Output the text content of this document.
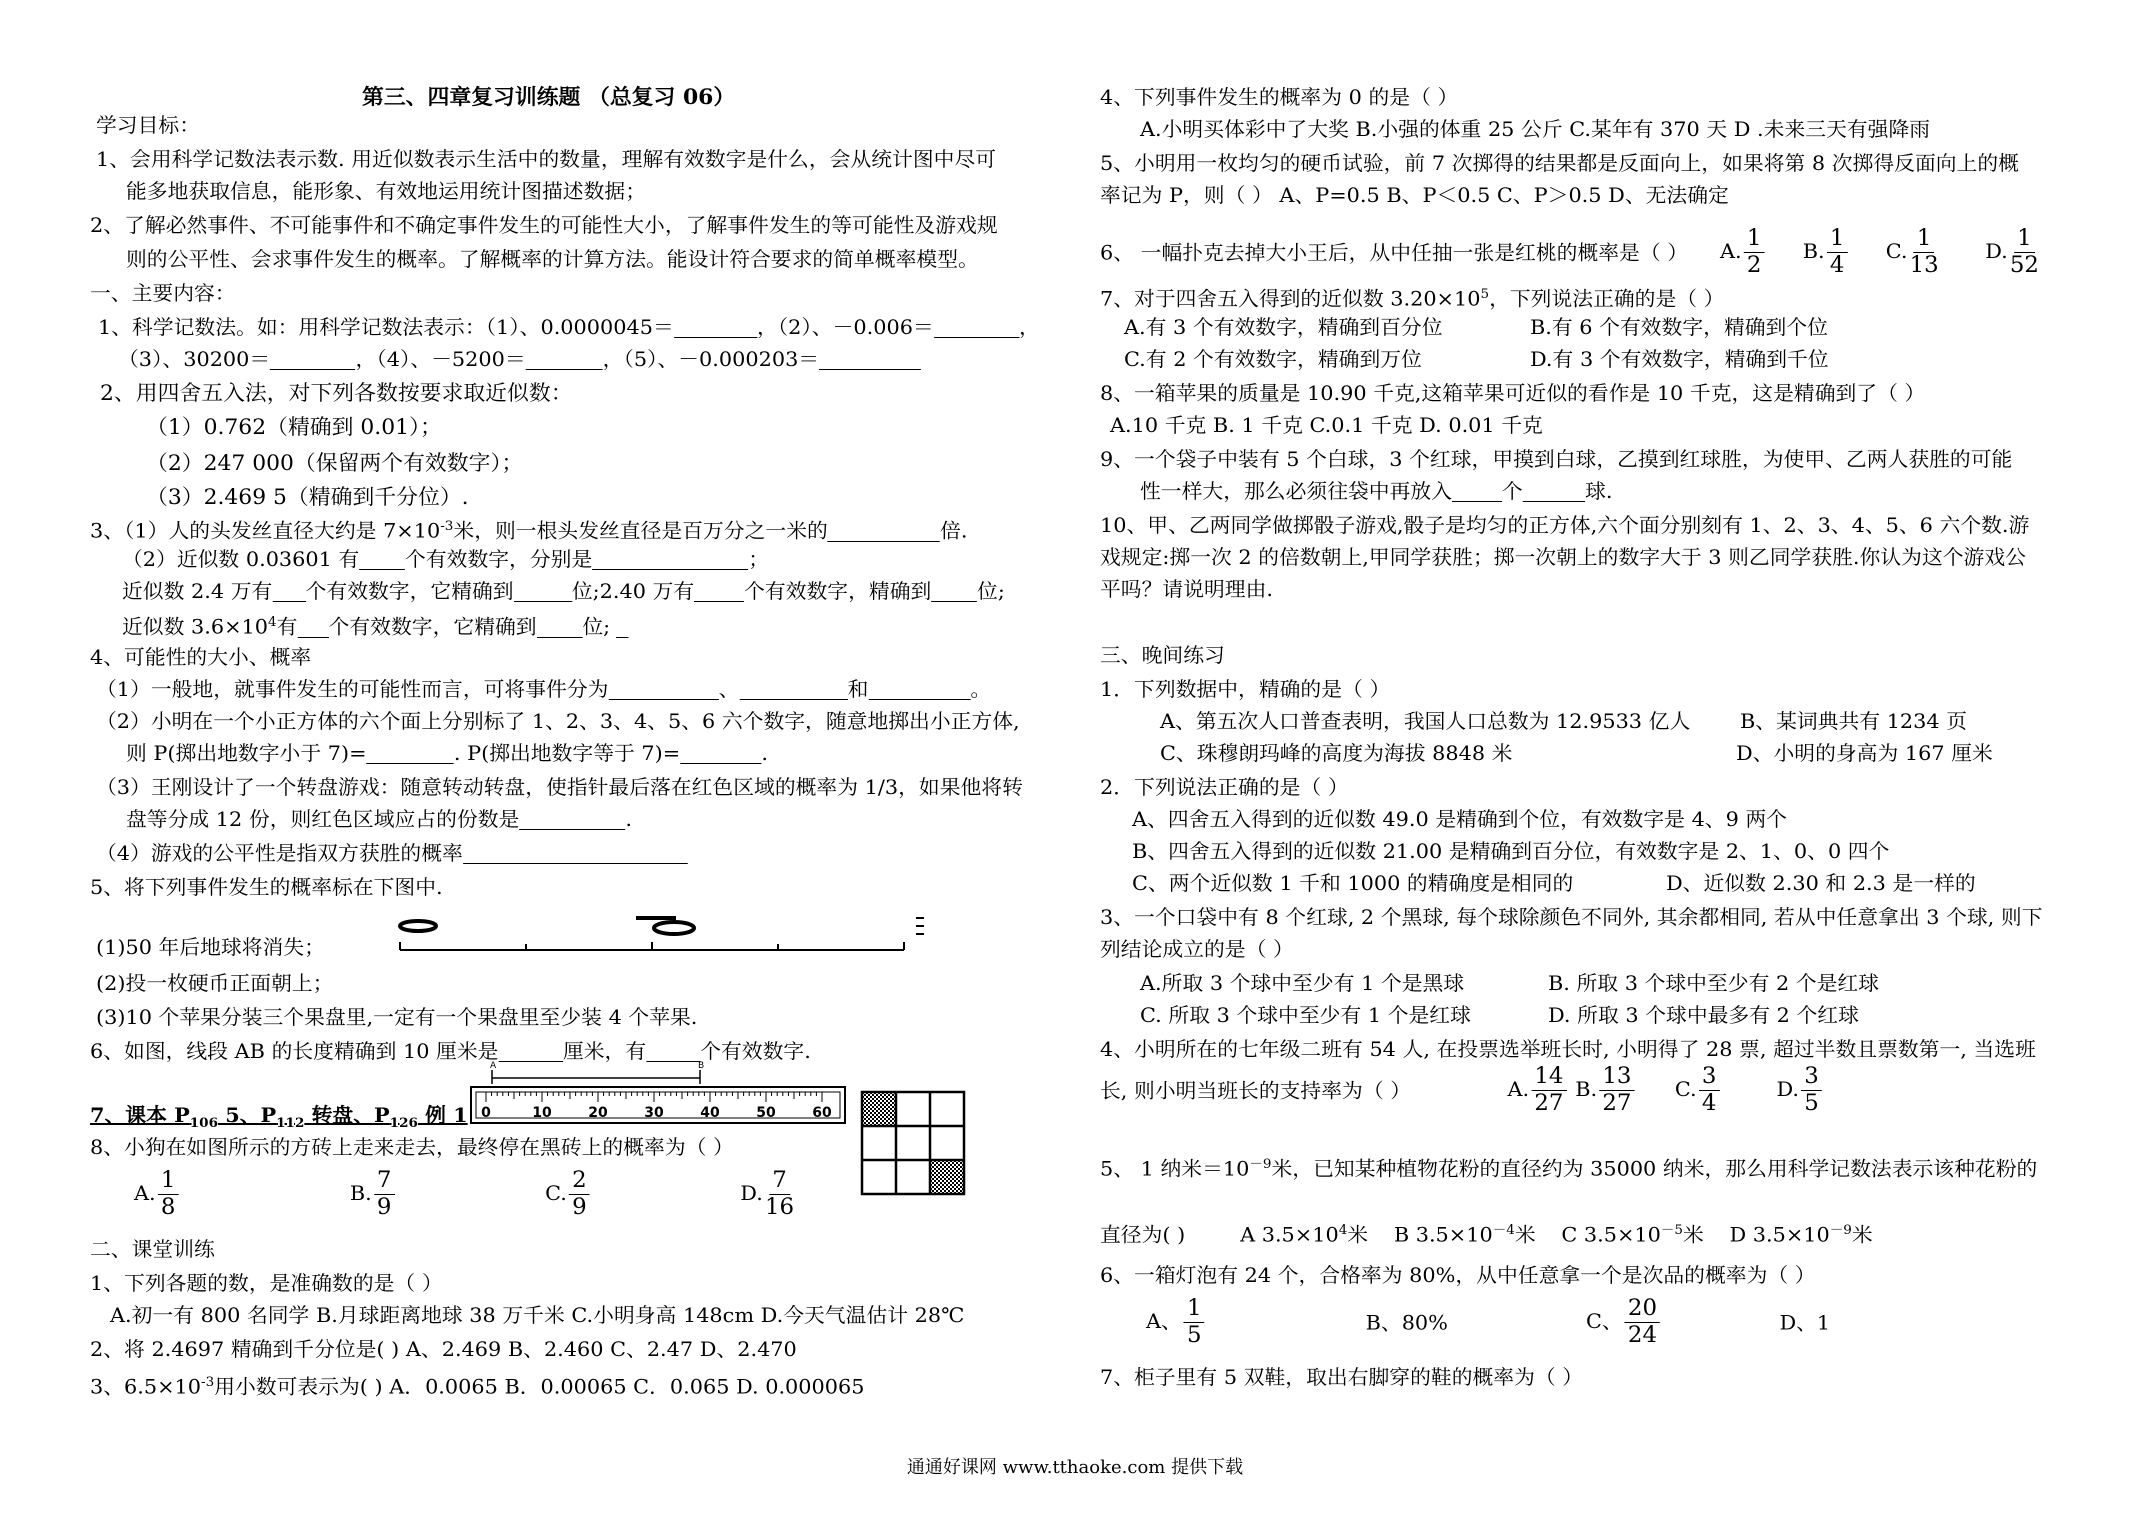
第三、四章复习训练题 （总复习 06）
学习目标：
1、会用科学记数法表示数. 用近似数表示生活中的数量，理解有效数字是什么，会从统计图中尽可
能多地获取信息，能形象、有效地运用统计图描述数据；
2、了解必然事件、不可能事件和不确定事件发生的可能性大小，了解事件发生的等可能性及游戏规
则的公平性、会求事件发生的概率。了解概率的计算方法。能设计符合要求的简单概率模型。
一、主要内容：
1、科学记数法。如：用科学记数法表示：（1）、0.0000045＝	，（2）、－0.006＝	，
（3）、30200＝	，（4）、－5200＝	，（5）、－0.000203＝
2、用四舍五入法，对下列各数按要求取近似数：
（1）0.762（精确到 0.01）；
（2）247 000（保留两个有效数字）；
（3）2.469 5（精确到千分位）.
3、（1）人的头发丝直径大约是 $7\times 10^{-3}$米，则一根头发丝直径是百万分之一米的	倍.
（2）近似数 0.03601 有 个有效数字，分别是	；
近似数 2.4 万有 个有效数字，它精确到	位;2.40 万有 个有效数字，精确到 位;
近似数 $3.6\times 10^4$有 个有效数字，它精确到 位;
4、可能性的大小、概率
（1）一般地，就事件发生的可能性而言，可将事件分为	、	和	。
（2）小明在一个小正方体的六个面上分别标了 1、2、3、4、5、6 六个数字，随意地掷出小正方体,
则 P(掷出地数字小于 7)=	. P(掷出地数字等于 7)=	.
（3）王刚设计了一个转盘游戏：随意转动转盘，使指针最后落在红色区域的概率为 1/3，如果他将转
盘等分成 12 份，则红色区域应占的份数是	.
（4）游戏的公平性是指双方获胜的概率
5、将下列事件发生的概率标在下图中.
(1)50 年后地球将消失；
(2)投一枚硬币正面朝上；
(3)10 个苹果分装三个果盘里,一定有一个果盘里至少装 4 个苹果.
6、如图，线段 AB 的长度精确到 10 厘米是	厘米，有	个有效数字.
A	B
0	10	20	30	40	50	60
7、课本 $P_{106}$ 5、$P_{112}$ 转盘、$P_{126}$ 例 1
8、小狗在如图所示的方砖上走来走去，最终停在黑砖上的概率为（ ）
A. $\frac{1}{8}$	B. $\frac{7}{9}$	C. $\frac{2}{9}$	D. $\frac{7}{16}$
二、课堂训练
1、下列各题的数，是准确数的是（ ）
A.初一有 800 名同学 B.月球距离地球 38 万千米 C.小明身高 148cm D.今天气温估计 28℃
2、将 2.4697 精确到千分位是( ) A、2.469 B、2.460 C、2.47 D、2.470
3、$6.5\times 10^{-3}$用小数可表示为( ) A．0.0065 B．0.00065 C．0.065 D. 0.000065
4、下列事件发生的概率为 0 的是（ ）
A.小明买体彩中了大奖 B.小强的体重 25 公斤 C.某年有 370 天 D .未来三天有强降雨
5、小明用一枚均匀的硬币试验，前 7 次掷得的结果都是反面向上，如果将第 8 次掷得反面向上的概
率记为 P，则（ ） A、P=0.5 B、P＜0.5 C、P＞0.5 D、无法确定
6、 一幅扑克去掉大小王后，从中任抽一张是红桃的概率是（ ） A. $\frac{1}{2} B$. $\frac{1}{4} C$. $\frac{1}{13} D$. $\frac{1}{52}$
7、对于四舍五入得到的近似数 $3.20\times 10^5$，下列说法正确的是（ ）
A.有 3 个有效数字，精确到百分位	B.有 6 个有效数字，精确到个位
C.有 2 个有效数字，精确到万位	D.有 3 个有效数字，精确到千位
8、一箱苹果的质量是 10.90 千克,这箱苹果可近似的看作是 10 千克，这是精确到了（ ）
A.10 千克 B. 1 千克 C.0.1 千克 D. 0.01 千克
9、一个袋子中装有 5 个白球，3 个红球，甲摸到白球，乙摸到红球胜，为使甲、乙两人获胜的可能
性一样大，那么必须往袋中再放入 个	球.
10、甲、乙两同学做掷骰子游戏,骰子是均匀的正方体,六个面分别刻有 1、2、3、4、5、6 六个数.游
戏规定:掷一次 2 的倍数朝上,甲同学获胜；掷一次朝上的数字大于 3 则乙同学获胜.你认为这个游戏公
平吗？请说明理由.
三、晚间练习
1．下列数据中，精确的是（ ）
A、第五次人口普查表明，我国人口总数为 12.9533 亿人 B、某词典共有 1234 页
C、珠穆朗玛峰的高度为海拔 8848 米	D、小明的身高为 167 厘米
2．下列说法正确的是（ ）
A、四舍五入得到的近似数 49.0 是精确到个位，有效数字是 4、9 两个
B、四舍五入得到的近似数 21.00 是精确到百分位，有效数字是 2、1、0、0 四个
C、两个近似数 1 千和 1000 的精确度是相同的	D、近似数 2.30 和 2.3 是一样的
3、一个口袋中有 8 个红球, 2 个黑球, 每个球除颜色不同外, 其余都相同, 若从中任意拿出 3 个球, 则下
列结论成立的是（ ）
A.所取 3 个球中至少有 1 个是黑球	B. 所取 3 个球中至少有 2 个是红球
C. 所取 3 个球中至少有 1 个是红球	D. 所取 3 个球中最多有 2 个红球
4、小明所在的七年级二班有 54 人, 在投票选举班长时, 小明得了 28 票, 超过半数且票数第一, 当选班
长, 则小明当班长的支持率为（ ）	A. $\frac{14}{27} B$. $\frac{13}{27} C$. $\frac{3}{4}$	D. $\frac{3}{5}$
5、 1 纳米$=10^{-9}$米，已知某种植物花粉的直径约为 35000 纳米，那么用科学记数法表示该种花粉的
直径为( )	A $3.5\times 10^4$米 B $3.5\times 10^{-4}$米 C $3.5\times 10^{-5}$米 D $3.5\times 10^{-9}$米
6、一箱灯泡有 24 个，合格率为 80%，从中任意拿一个是次品的概率为（ ）
A、 $\frac{1}{5}$	B、80%	C、 $\frac{20}{24}$	D、1
7、柜子里有 5 双鞋，取出右脚穿的鞋的概率为（ ）
通通好课网 www.tthaoke.com 提供下载
